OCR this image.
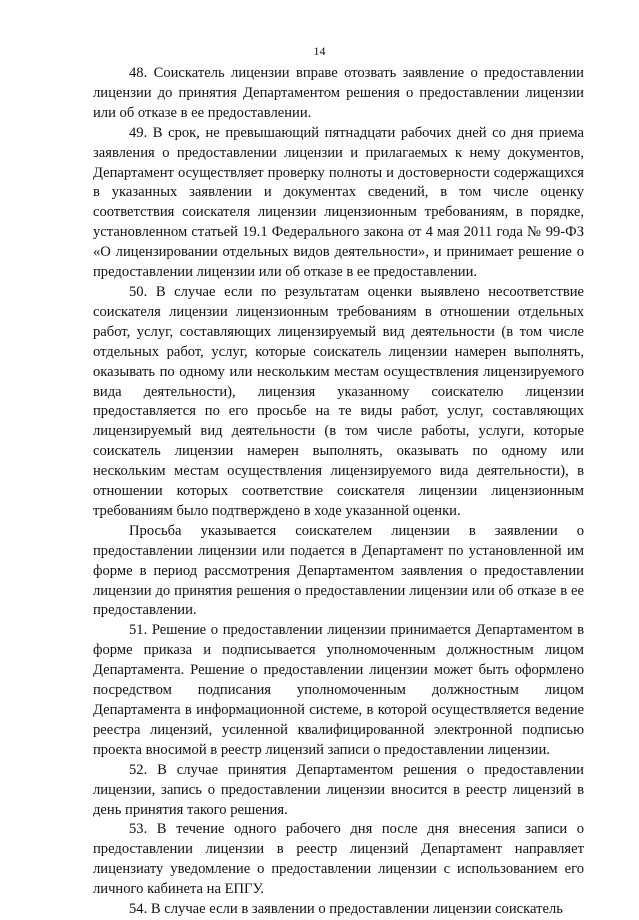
14

48. Соискатель лицензии вправе отозвать заявление о предоставлении лицензии до принятия Департаментом решения о предоставлении лицензии или об отказе в ее предоставлении.

49. В срок, не превышающий пятнадцати рабочих дней со дня приема заявления о предоставлении лицензии и прилагаемых к нему документов, Департамент осуществляет проверку полноты и достоверности содержащихся в указанных заявлении и документах сведений, в том числе оценку соответствия соискателя лицензии лицензионным требованиям, в порядке, установленном статьей 19.1 Федерального закона от 4 мая 2011 года № 99-ФЗ «О лицензировании отдельных видов деятельности», и принимает решение о предоставлении лицензии или об отказе в ее предоставлении.

50. В случае если по результатам оценки выявлено несоответствие соискателя лицензии лицензионным требованиям в отношении отдельных работ, услуг, составляющих лицензируемый вид деятельности (в том числе отдельных работ, услуг, которые соискатель лицензии намерен выполнять, оказывать по одному или нескольким местам осуществления лицензируемого вида деятельности), лицензия указанному соискателю лицензии предоставляется по его просьбе на те виды работ, услуг, составляющих лицензируемый вид деятельности (в том числе работы, услуги, которые соискатель лицензии намерен выполнять, оказывать по одному или нескольким местам осуществления лицензируемого вида деятельности), в отношении которых соответствие соискателя лицензии лицензионным требованиям было подтверждено в ходе указанной оценки.

Просьба указывается соискателем лицензии в заявлении о предоставлении лицензии или подается в Департамент по установленной им форме в период рассмотрения Департаментом заявления о предоставлении лицензии до принятия решения о предоставлении лицензии или об отказе в ее предоставлении.

51. Решение о предоставлении лицензии принимается Департаментом в форме приказа и подписывается уполномоченным должностным лицом Департамента. Решение о предоставлении лицензии может быть оформлено посредством подписания уполномоченным должностным лицом Департамента в информационной системе, в которой осуществляется ведение реестра лицензий, усиленной квалифицированной электронной подписью проекта вносимой в реестр лицензий записи о предоставлении лицензии.

52. В случае принятия Департаментом решения о предоставлении лицензии, запись о предоставлении лицензии вносится в реестр лицензий в день принятия такого решения.

53. В течение одного рабочего дня после дня внесения записи о предоставлении лицензии в реестр лицензий Департамент направляет лицензиату уведомление о предоставлении лицензии с использованием его личного кабинета на ЕПГУ.

54. В случае если в заявлении о предоставлении лицензии соискатель
